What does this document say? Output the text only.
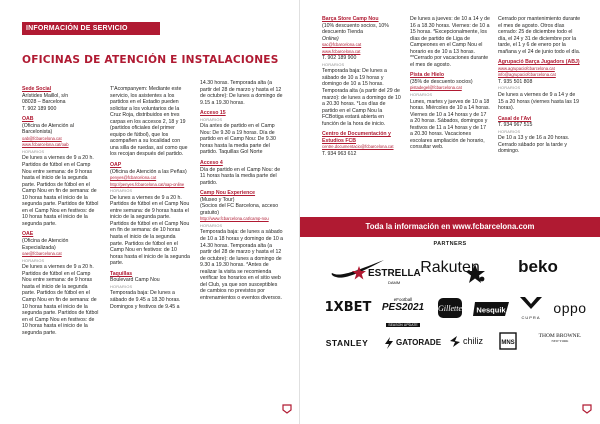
INFORMACIÓN DE SERVICIO
OFICINAS DE ATENCIÓN E INSTALACIONES

Sede Social

Arístides Maillol, s/n

08028 – Barcelona

T. 902 189 900

OAB

(Oficina de Atención al Barcelonista)

oab@fcbarcelona.cat

www.fcbarcelona.cat/oab

HORARIOS

De lunes a viernes de 9 a 20 h. Partidos de fútbol en el Camp Nou entre semana: de 9 horas hasta el inicio de la segunda parte. Partidos de fútbol en el Camp Nou en fin de semana: de 10 horas hasta el inicio de la segunda parte. Partidos de fútbol en el Camp Nou en festivos: de 10 horas hasta el inicio de la segunda parte.

OAE

(Oficina de Atención Especializada)

oae@fcbarcelona.cat

HORARIOS

De lunes a viernes de 9 a 20 h. Partidos de fútbol en el Camp Nou entre semana: de 9 horas hasta el inicio de la segunda parte. Partidos de fútbol en el Camp Nou en fin de semana: de 10 horas hasta el inicio de la segunda parte. Partidos de fútbol en el Camp Nou en festivos: de 10 horas hasta el inicio de la segunda parte.

T'Acompanyem: Mediante este servicio, los asistentes a los partidos en el Estadio pueden solicitar a los voluntarios de la Cruz Roja, distribuidos en tres carpas en los accesos 2, 18 y 19 (partidos oficiales del primer equipo de fútbol), que los acompañen a su localidad con una silla de ruedas, así como que los recojan después del partido.

OAP

(Oficina de Atención a las Peñas)

penyes@fcbarcelona.cat

http://penyes.fcbarcelona.cat/oap-online

HORARIOS

De lunes a viernes de 9 a 20 h. Partidos de fútbol en el Camp Nou entre semana: de 9 horas hasta el inicio de la segunda parte. Partidos de fútbol en el Camp Nou en fin de semana: de 10 horas hasta el inicio de la segunda parte. Partidos de fútbol en el Camp Nou en festivos: de 10 horas hasta el inicio de la segunda parte.

Taquillas

Boulevard Camp Nou

HORARIOS

Temporada baja: De lunes a sábado de 9.45 a 18.30 horas. Domingos y festivos de 9.45 a

14.30 horas. Temporada alta (a partir del 28 de marzo y hasta el 12 de octubre): De lunes a domingo de 9.15 a 19.30 horas.

Acceso 15

HORARIOS

Día antes de partido en el Camp Nou: De 9.30 a 19 horas. Día de partido en el Camp Nou: De 9.30 horas hasta la media parte del partido. Taquillas Gol Norte

Acceso 4

Día de partido en el Camp Nou: de 11 horas hasta la media parte del partido.

Camp Nou Experience

(Museo y Tour)

(Socios del FC Barcelona, acceso gratuito)

http://www.fcbarcelona.cat/camp-nou

HORARIOS

Temporada baja: de lunes a sábado de 10 a 18 horas y domingo de 10 a 14.30 horas. Temporada alta (a partir del 28 de marzo y hasta el 12 de octubre): de lunes a domingo de 9.30 a 19.30 horas. *Antes de realizar la visita se recomienda verificar los horarios en el sitio web del Club, ya que son susceptibles de cambios no previstos por entrenamientos o eventos diversos.

Barça Store Camp Nou

(10% descuento socios, 10% descuento Tienda

Online)

sac@fcbarcelona.cat

www.fcbarcelona.cat

T. 902 189 900

HORARIOS

Temporada baja: De lunes a sábado de 10 a 19 horas y domingo de 10 a 15 horas. Temporada alta (a partir del 29 de marzo): de lunes a domingo de 10 a 20.30 horas. *Los días de partido en el Camp Nou la FCBotiga estará abierta en función de la hora de inicio.

Centro de Documentación y Estudios FCB

centre.documentacio@fcbarcelona.cat

T. 934 963 612

De lunes a jueves: de 10 a 14 y de 16 a 18.30 horas. Viernes: de 10 a 15 horas. *Excepcionalmente, los días de partido de Liga de Campeones en el Camp Nou el horario es de 10 a 13 horas. **Cerrado por vacaciones durante el mes de agosto.

Pista de Hielo

(35% de descuento socios)

pistadegel@fcbarcelona.cat

HORARIOS

Lunes, martes y jueves de 10 a 18 horas. Miércoles de 10 a 14 horas. Viernes de 10 a 14 horas y de 17 a 20 horas. Sábados, domingos y festivos de 11 a 14 horas y de 17 a 20.30 horas. Vacaciones escolares ampliación de horario, consultar web.

Cerrado por mantenimiento durante el mes de agosto. Otros días cerrado: 25 de diciembre todo el día, el 24 y 31 de diciembre por la tarde, el 1 y 6 de enero por la mañana y el 24 de junio todo el día.

Agrupació Barça Jugadors (ABJ)

www.agrupaciofcbarcelona.cat

info@agrupaciofcbarcelona.cat

T. 935 501 808

HORARIOS

De lunes a viernes de 9 a 14 y de 15 a 20 horas (viernes hasta las 19 horas).

Casal de l'Avi

T. 934 967 515

HORARIOS

De 10 a 13 y de 16 a 20 horas. Cerrado sábado por la tarde y domingo.

Toda la información en www.fcbarcelona.com
PARTNERS
Rakuten	beko
ESTRELLA
DAMM
1XBET
eFootball
PES2021
SEASON UPDATE
Gillette Nesquik
CUPRA
oppo
STANLEY	GATORADE chiliz	MNS
THOM BROWNE.
NEW YORK
